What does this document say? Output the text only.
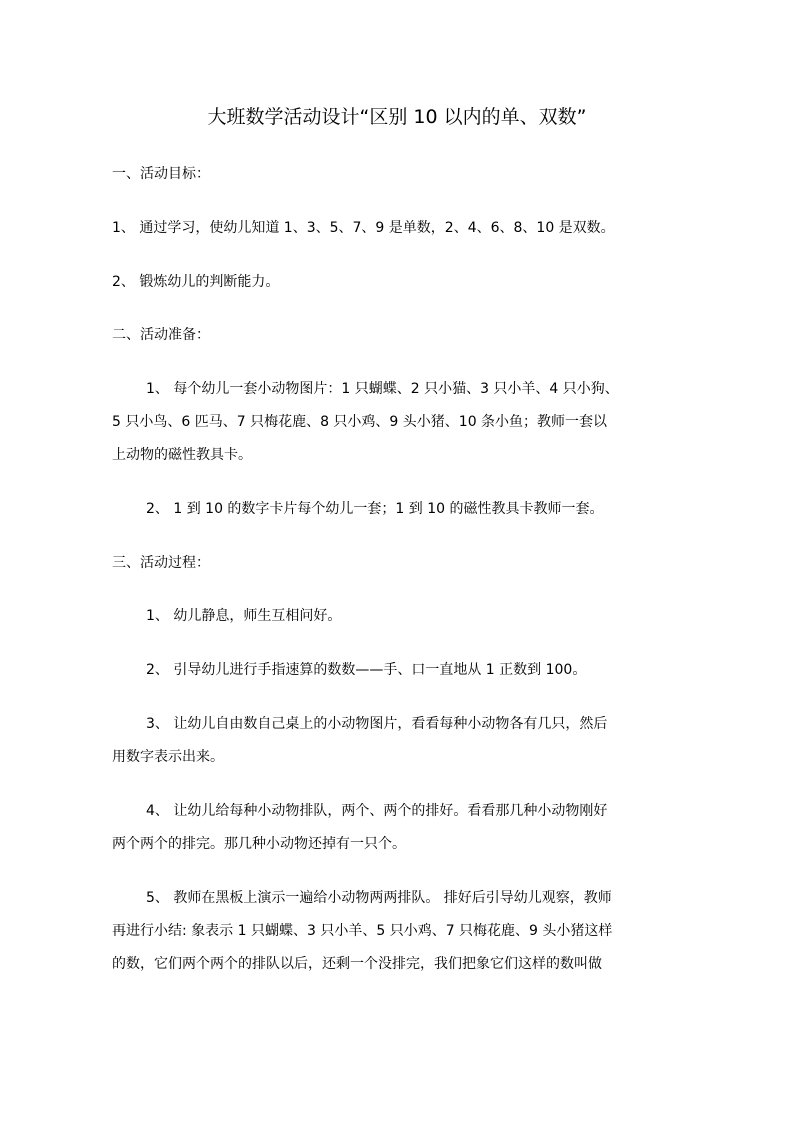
大班数学活动设计“区别 10 以内的单、双数”
一、活动目标：
1、 通过学习，使幼儿知道 1、3、5、7、9 是单数，2、4、6、8、10 是双数。
2、 锻炼幼儿的判断能力。
二、活动准备：
1、 每个幼儿一套小动物图片：1 只蝴蝶、2 只小猫、3 只小羊、4 只小狗、
5 只小鸟、6 匹马、7 只梅花鹿、8 只小鸡、9 头小猪、10 条小鱼；教师一套以
上动物的磁性教具卡。
2、 1 到 10 的数字卡片每个幼儿一套；1 到 10 的磁性教具卡教师一套。
三、活动过程：
1、 幼儿静息，师生互相问好。
2、 引导幼儿进行手指速算的数数——手、口一直地从 1 正数到 100。
3、 让幼儿自由数自己桌上的小动物图片，看看每种小动物各有几只，然后
用数字表示出来。
4、 让幼儿给每种小动物排队，两个、两个的排好。看看那几种小动物刚好
两个两个的排完。那几种小动物还掉有一只个。
5、 教师在黑板上演示一遍给小动物两两排队。 排好后引导幼儿观察，教师
再进行小结: 象表示 1 只蝴蝶、3 只小羊、5 只小鸡、7 只梅花鹿、9 头小猪这样
的数，它们两个两个的排队以后，还剩一个没排完，我们把象它们这样的数叫做
